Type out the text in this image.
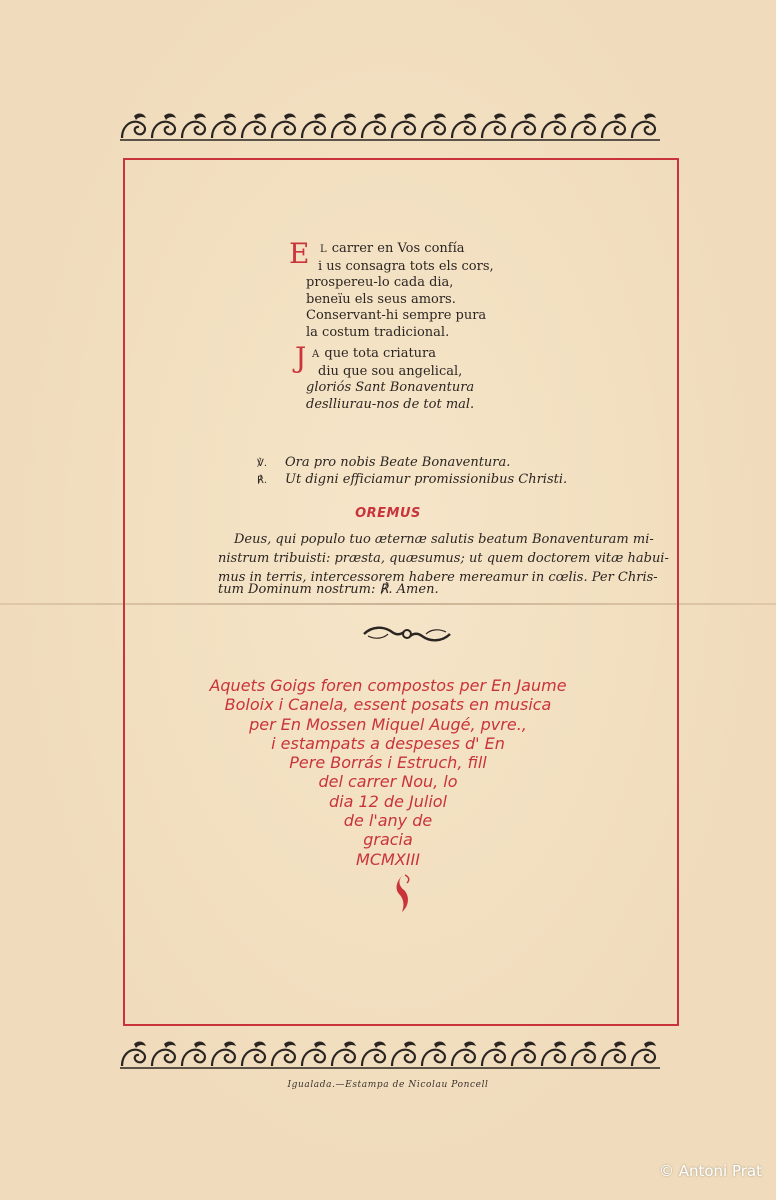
E	L carrer en Vos confía
i us consagra tots els cors,
prospereu-lo cada dia,
beneïu els seus amors.
Conservant-hi sempre pura
la costum tradicional.
J A que tota criatura
diu que sou angelical,
gloriós Sant Bonaventura
deslliurau-nos de tot mal.
℣. Ora pro nobis Beate Bonaventura.
℟. Ut digni efficiamur promissionibus Christi.
OREMUS
Deus, qui populo tuo æternæ salutis beatum Bonaventuram mi-
nistrum tribuisti: præsta, quæsumus; ut quem doctorem vitæ habui-
mus in terris, intercessorem habere mereamur in cœlis. Per Chris-
tum Dominum nostrum: ℟. Amen.
Aquets Goigs foren compostos per En Jaume
Boloix i Canela, essent posats en musica
per En Mossen Miquel Augé, pvre.,
i estampats a despeses d' En
Pere Borrás i Estruch, fill
del carrer Nou, lo
dia 12 de Juliol
de l'any de
gracia
MCMXIII
Igualada.—Estampa de Nicolau Poncell
© Antoni Prat
